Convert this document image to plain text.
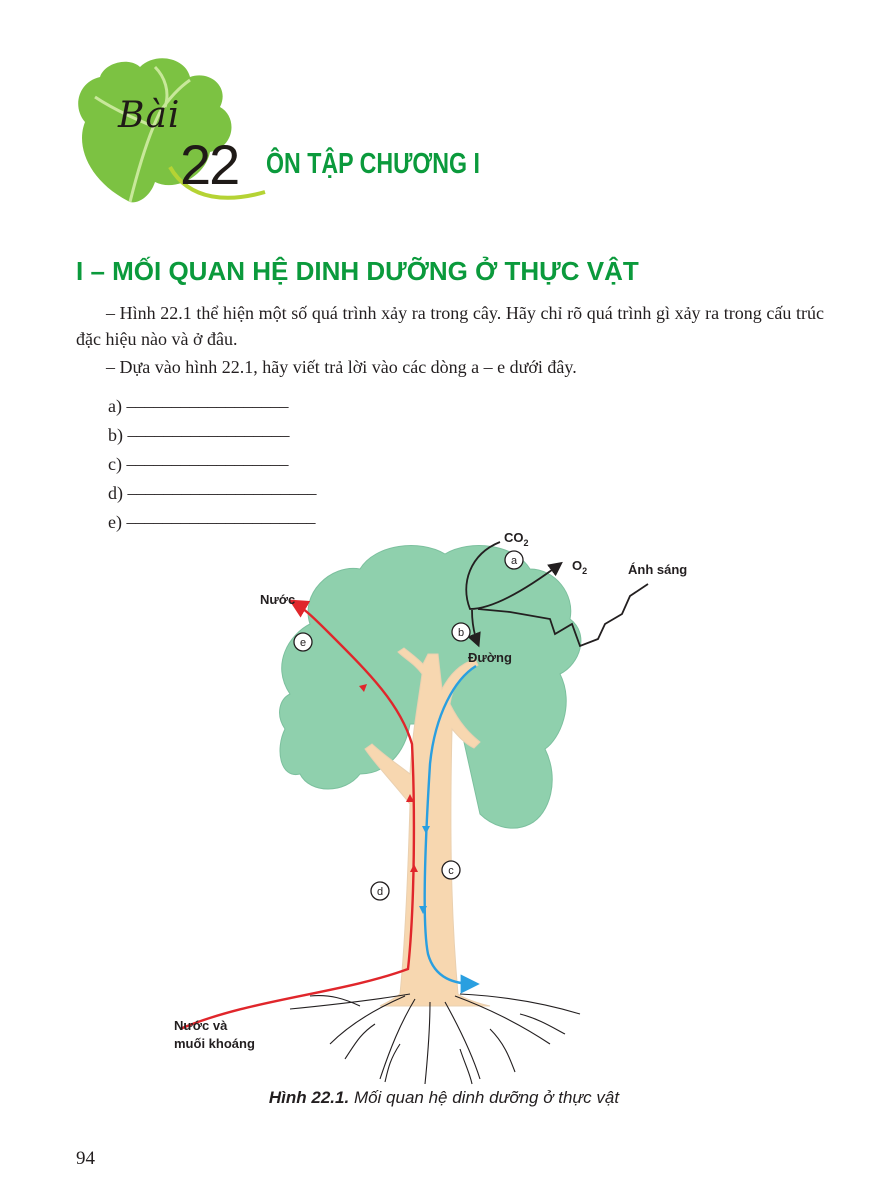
Bài
22 ÔN TẬP CHƯƠNG I
I – MỐI QUAN HỆ DINH DƯỠNG Ở THỰC VẬT
– Hình 22.1 thể hiện một số quá trình xảy ra trong cây. Hãy chỉ rõ quá trình gì xảy ra trong cấu trúc đặc hiệu nào và ở đâu.
– Dựa vào hình 22.1, hãy viết trả lời vào các dòng a – e dưới đây.
a) ––––––––––––––––––
b) ––––––––––––––––––
c) ––––––––––––––––––
d) –––––––––––––––––––––
e) –––––––––––––––––––––
Nước
Đường
$CO_2$
$O_2$	Ánh sáng
Nước và
muối khoáng
a
b
c
d
e
Hình 22.1. Mối quan hệ dinh dưỡng ở thực vật
94
